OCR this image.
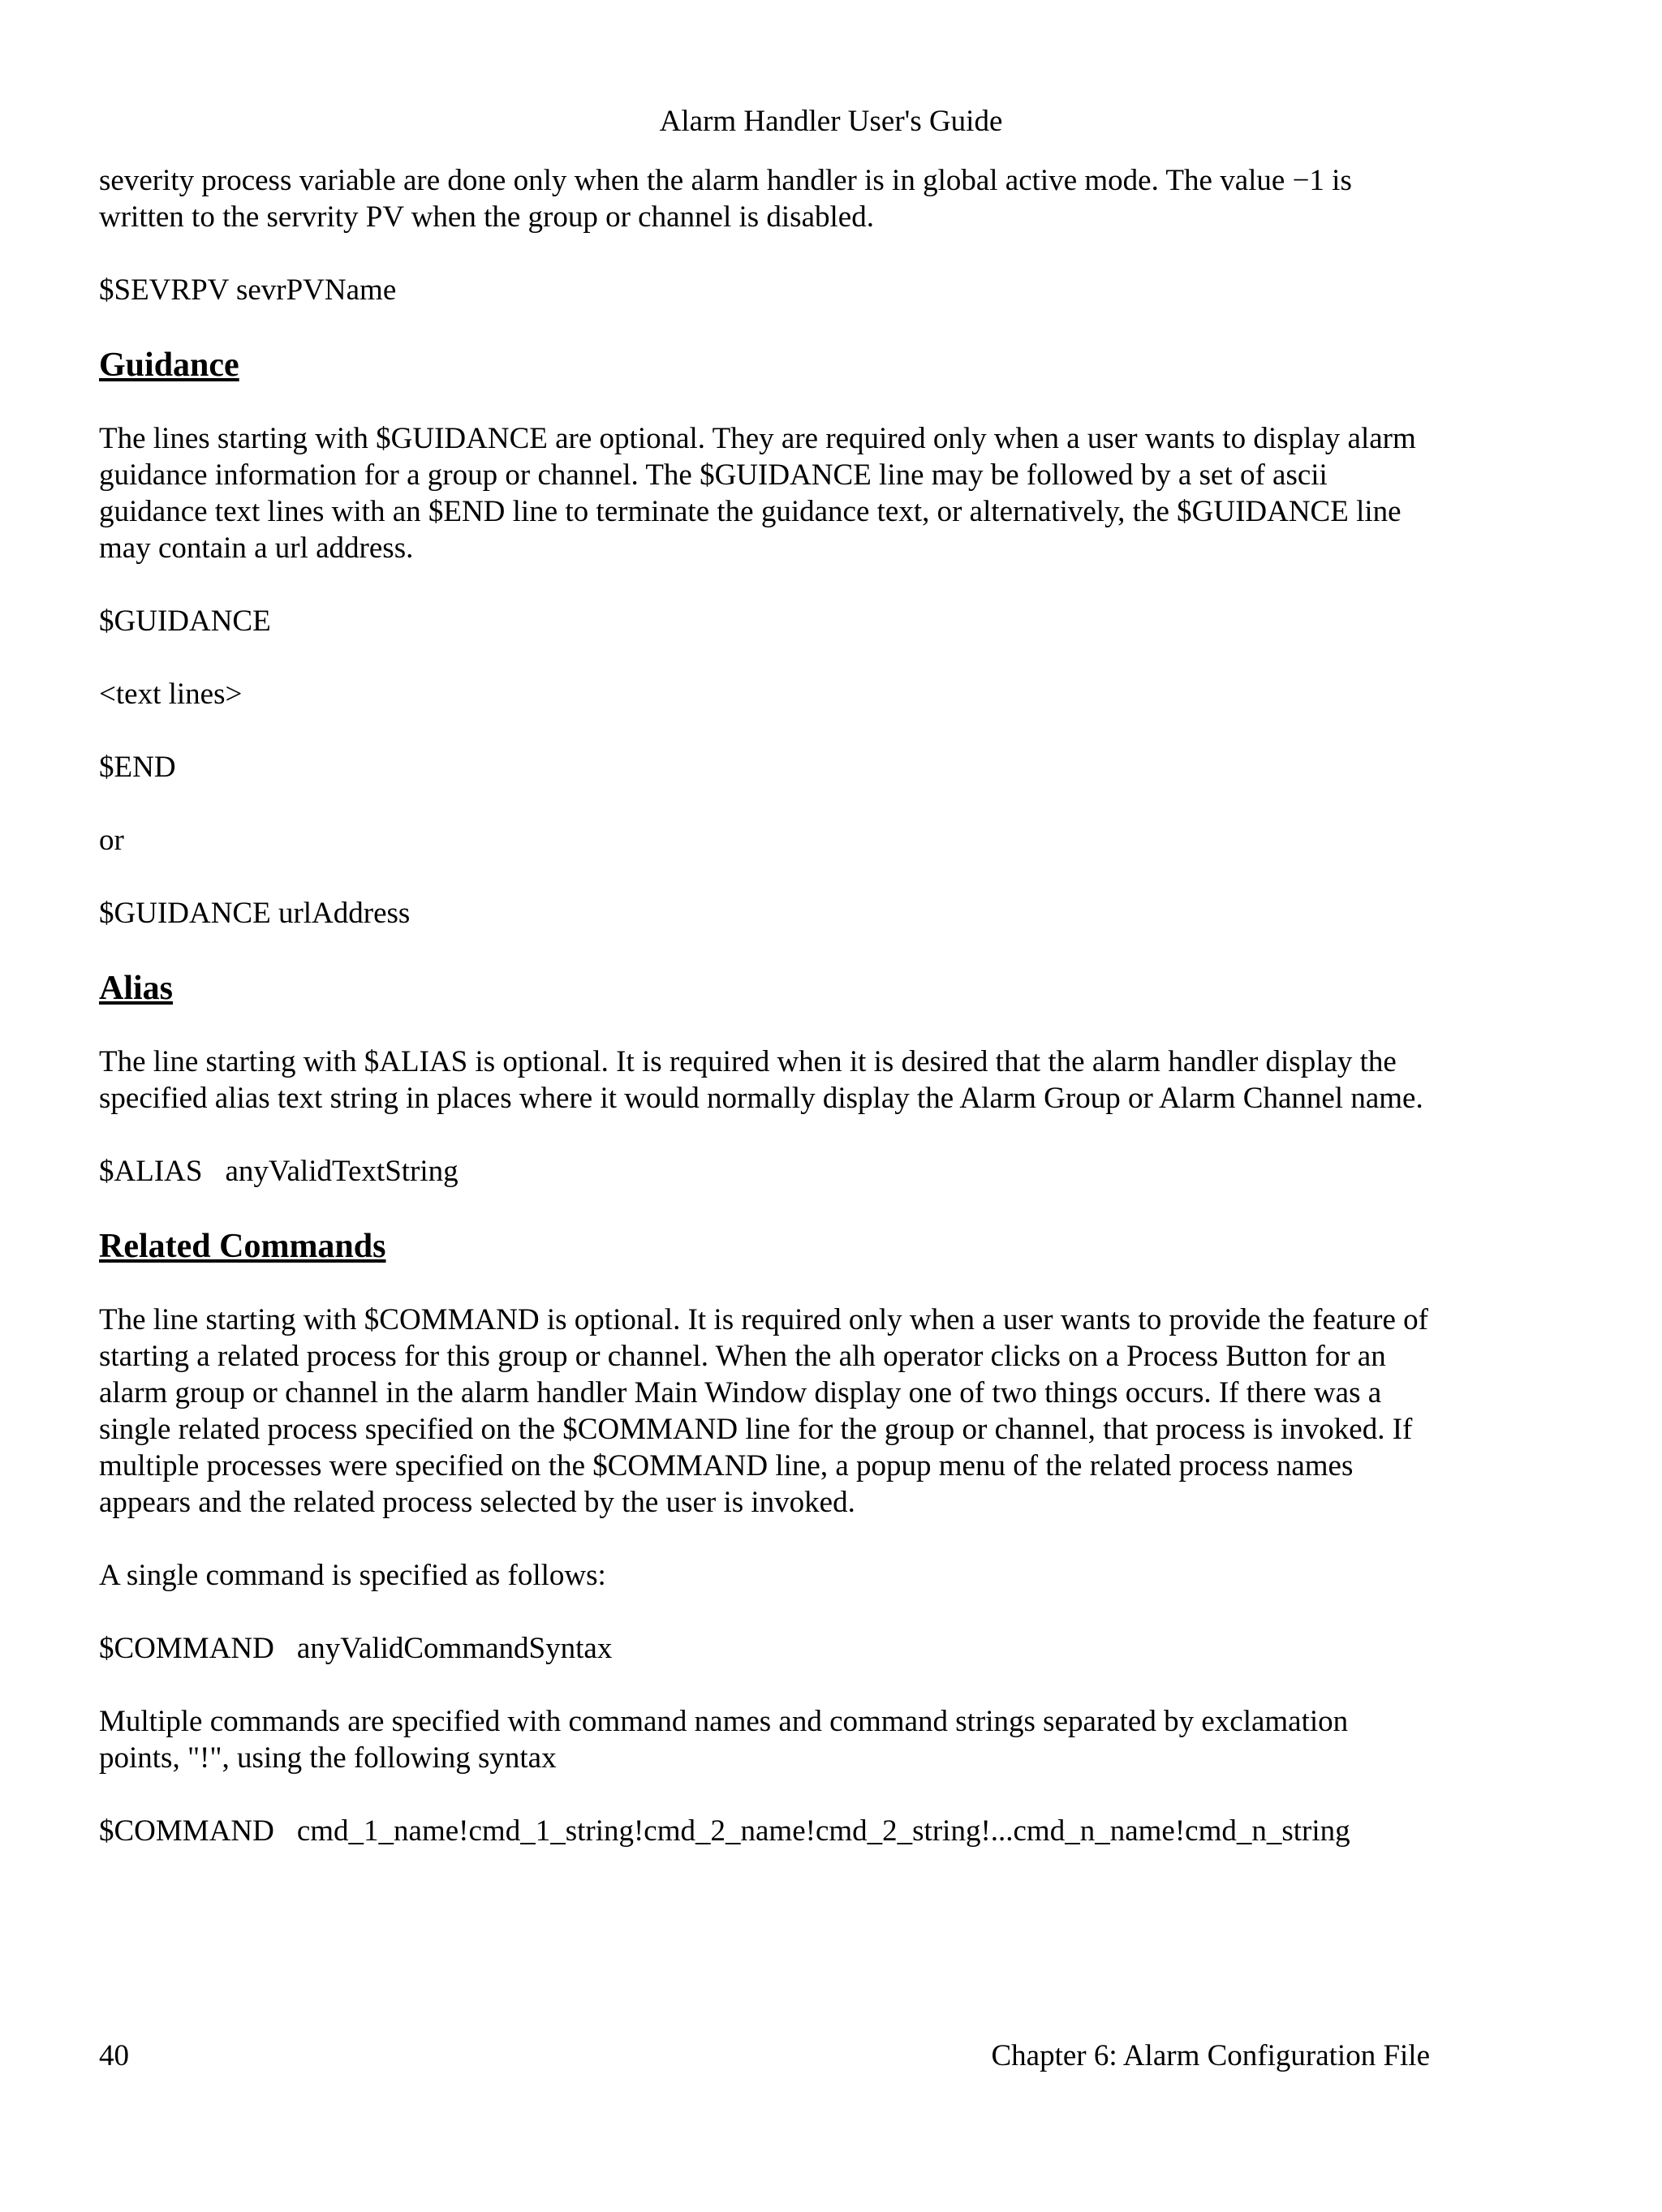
Alarm Handler User's Guide

severity process variable are done only when the alarm handler is in global active mode. The value −1 is

written to the servrity PV when the group or channel is disabled.

$SEVRPV sevrPVName

Guidance

The lines starting with $GUIDANCE are optional. They are required only when a user wants to display alarm

guidance information for a group or channel. The $GUIDANCE line may be followed by a set of ascii

guidance text lines with an $END line to terminate the guidance text, or alternatively, the $GUIDANCE line

may contain a url address.

$GUIDANCE

<text lines>

$END

or

$GUIDANCE urlAddress

Alias

The line starting with $ALIAS is optional. It is required when it is desired that the alarm handler display the

specified alias text string in places where it would normally display the Alarm Group or Alarm Channel name.

$ALIAS anyValidTextString

Related Commands

The line starting with $COMMAND is optional. It is required only when a user wants to provide the feature of

starting a related process for this group or channel. When the alh operator clicks on a Process Button for an

alarm group or channel in the alarm handler Main Window display one of two things occurs. If there was a

single related process specified on the $COMMAND line for the group or channel, that process is invoked. If

multiple processes were specified on the $COMMAND line, a popup menu of the related process names

appears and the related process selected by the user is invoked.

A single command is specified as follows:

$COMMAND anyValidCommandSyntax

Multiple commands are specified with command names and command strings separated by exclamation

points, "!", using the following syntax

$COMMAND cmd_1_name!cmd_1_string!cmd_2_name!cmd_2_string!...cmd_n_name!cmd_n_string

40	Chapter 6: Alarm Configuration File
